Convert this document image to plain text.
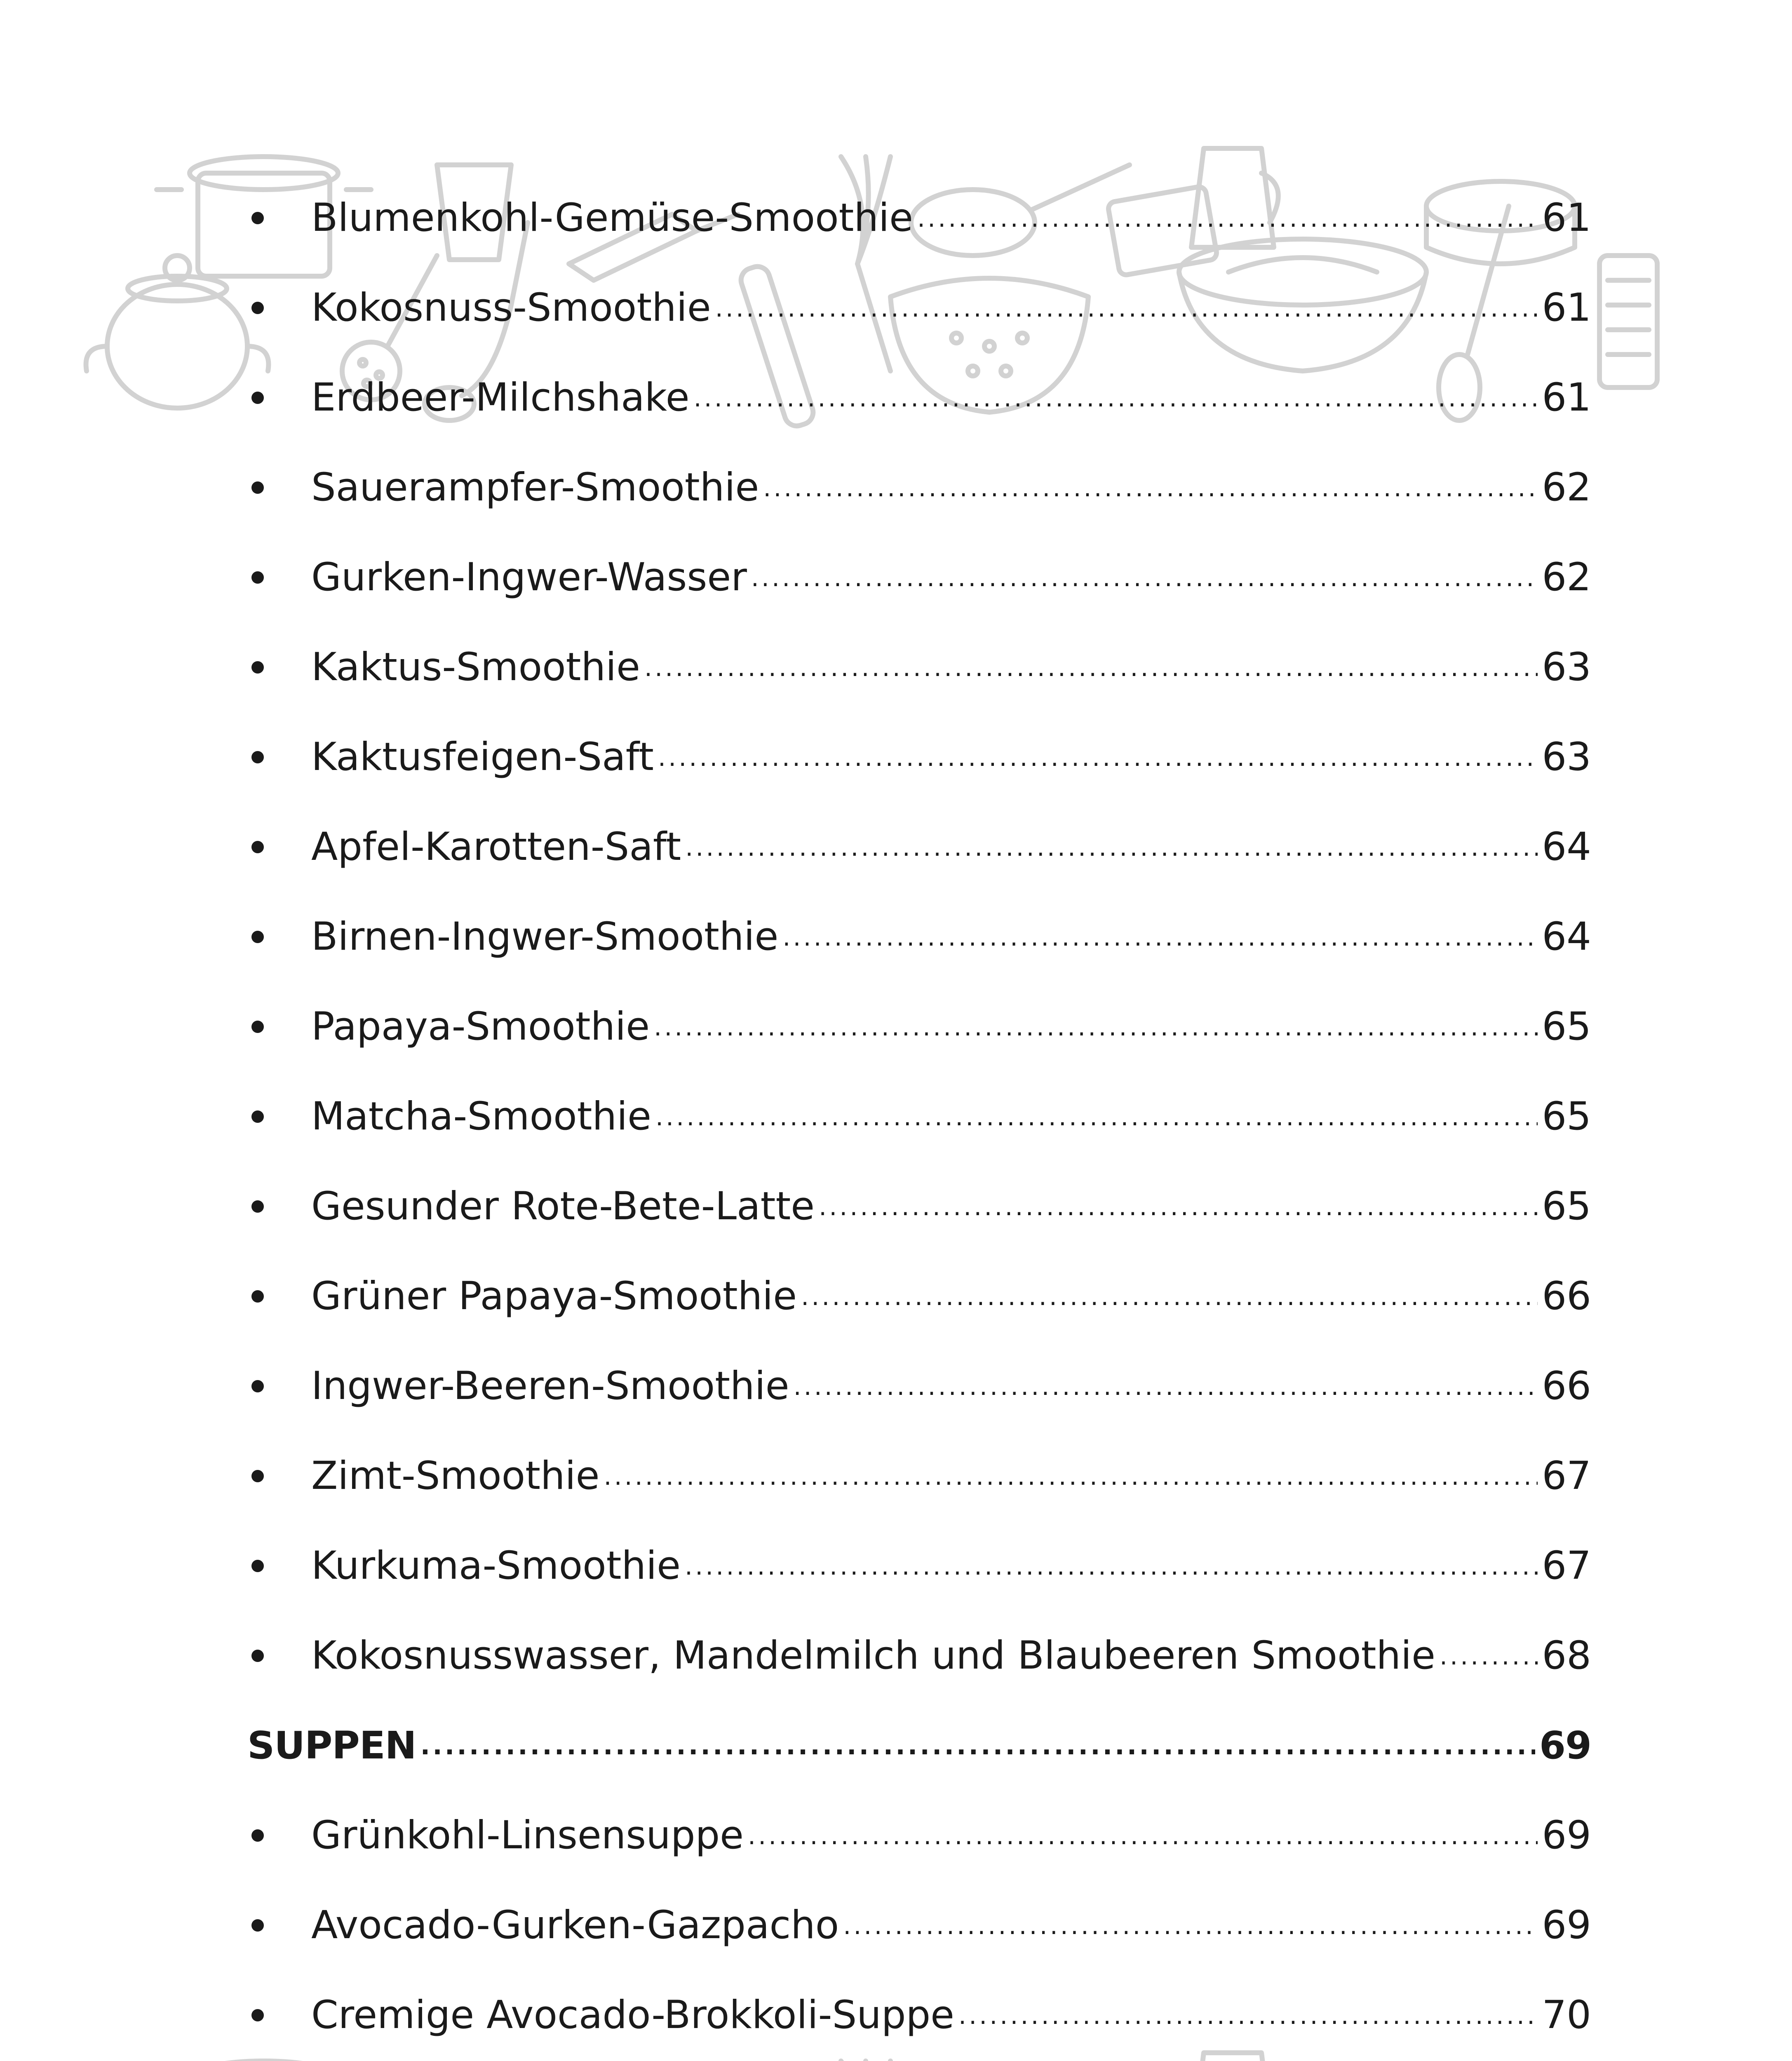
Blumenkohl-Gemüse-Smoothie .....	61
Kokosnuss-Smoothie .....	61
Erdbeer-Milchshake .....	61
Sauerampfer-Smoothie .....	62
Gurken-Ingwer-Wasser .....	62
Kaktus-Smoothie .....	63
Kaktusfeigen-Saft .....	63
Apfel-Karotten-Saft .....	64
Birnen-Ingwer-Smoothie .....	64
Papaya-Smoothie .....	65
Matcha-Smoothie .....	65
Gesunder Rote-Bete-Latte .....	65
Grüner Papaya-Smoothie .....	66
Ingwer-Beeren-Smoothie .....	66
Zimt-Smoothie .....	67
Kurkuma-Smoothie .....	67
Kokosnusswasser, Mandelmilch und Blaubeeren Smoothie .....	68
SUPPEN .....	69
Grünkohl-Linsensuppe .....	69
Avocado-Gurken-Gazpacho .....	69
Cremige Avocado-Brokkoli-Suppe .....	70
